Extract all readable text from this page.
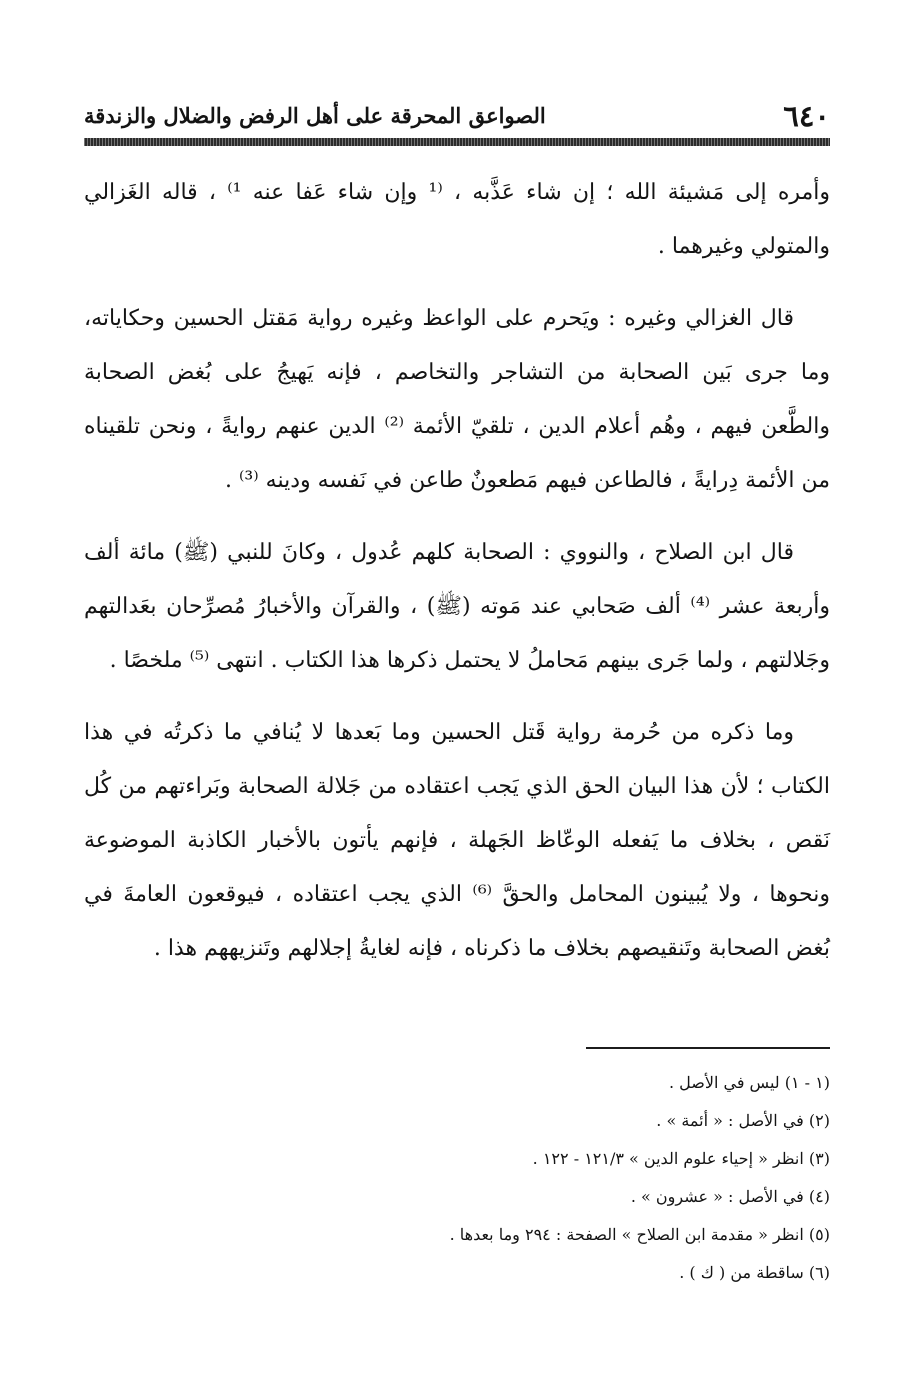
٦٤٠
الصواعق المحرقة على أهل الرفض والضلال والزندقة

وأمره إلى مَشيئة الله ؛ إن شاء عَذَّبه ، ⁽¹ وإن شاء عَفا عنه ¹⁾ ، قاله الغَزالي والمتولي وغيرهما .

قال الغزالي وغيره : ويَحرم على الواعظ وغيره رواية مَقتل الحسين وحكاياته، وما جرى بَين الصحابة من التشاجر والتخاصم ، فإنه يَهيجُ على بُغض الصحابة والطَّعن فيهم ، وهُم أعلام الدين ، تلقيّ الأئمة ⁽²⁾ الدين عنهم روايةً ، ونحن تلقيناه من الأئمة دِرايةً ، فالطاعن فيهم مَطعونٌ طاعن في نَفسه ودينه ⁽³⁾ .

قال ابن الصلاح ، والنووي : الصحابة كلهم عُدول ، وكانَ للنبي (ﷺ) مائة ألف وأربعة عشر ⁽⁴⁾ ألف صَحابي عند مَوته (ﷺ) ، والقرآن والأخبارُ مُصرِّحان بعَدالتهم وجَلالتهم ، ولما جَرى بينهم مَحاملُ لا يحتمل ذكرها هذا الكتاب . انتهى ⁽⁵⁾ ملخصًا .

وما ذكره من حُرمة رواية قَتل الحسين وما بَعدها لا يُنافي ما ذكرتُه في هذا الكتاب ؛ لأن هذا البيان الحق الذي يَجب اعتقاده من جَلالة الصحابة وبَراءتهم من كُل نَقص ، بخلاف ما يَفعله الوعّاظ الجَهلة ، فإنهم يأتون بالأخبار الكاذبة الموضوعة ونحوها ، ولا يُبينون المحامل والحقَّ ⁽⁶⁾ الذي يجب اعتقاده ، فيوقعون العامةَ في بُغض الصحابة وتَنقيصهم بخلاف ما ذكرناه ، فإنه لغايةُ إجلالهم وتَنزيههم هذا .

(١ - ١) ليس في الأصل .
(٢) في الأصل : « أئمة » .
(٣) انظر « إحياء علوم الدين » ١٢١/٣ - ١٢٢ .
(٤) في الأصل : « عشرون » .
(٥) انظر « مقدمة ابن الصلاح » الصفحة : ٢٩٤ وما بعدها .
(٦) ساقطة من ( ك ) .
